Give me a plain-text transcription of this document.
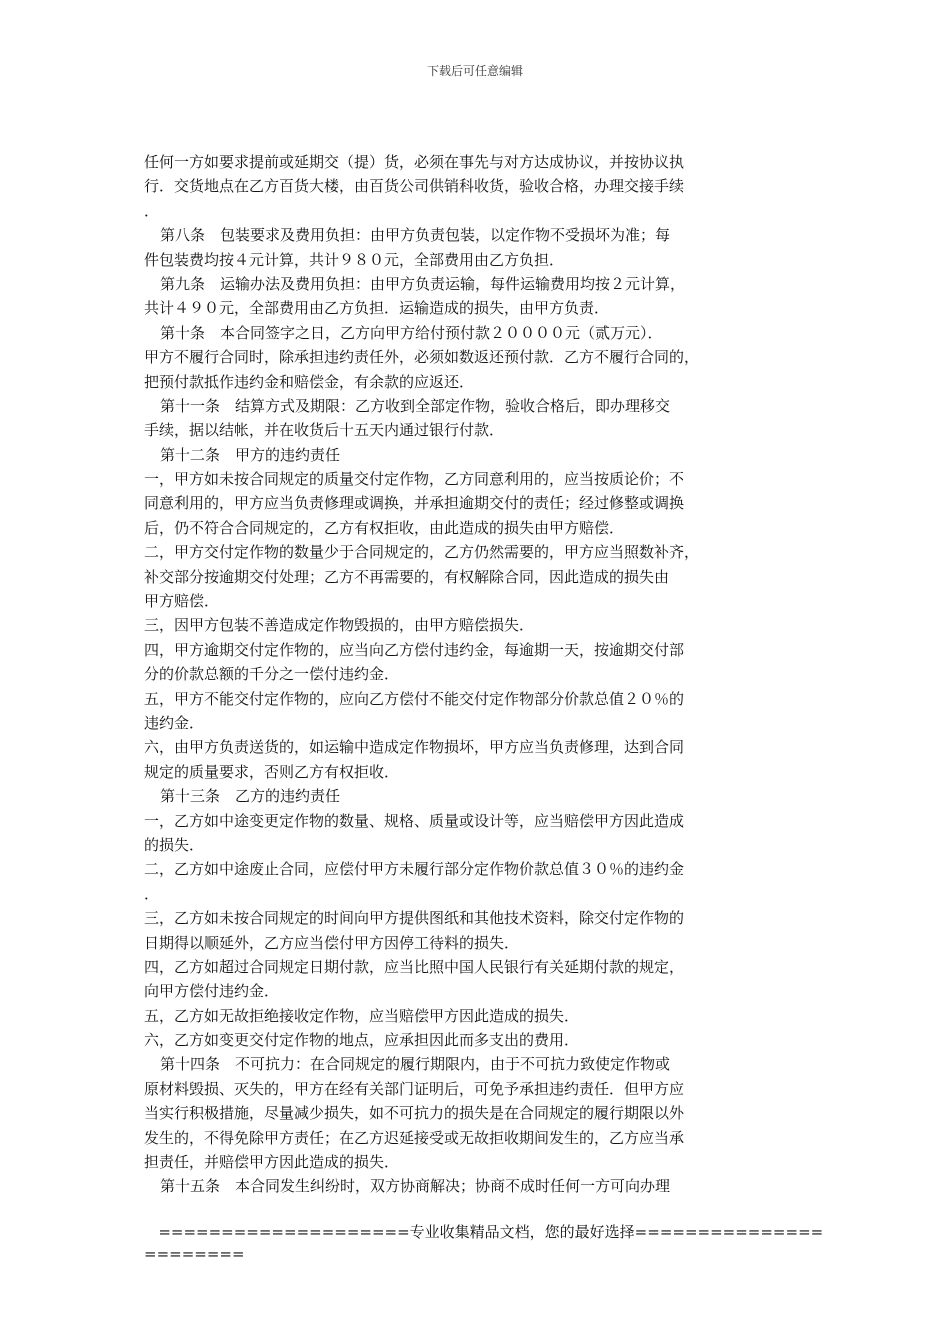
下载后可任意编辑
任何一方如要求提前或延期交（提）货，必须在事先与对方达成协议，并按协议执
行．交货地点在乙方百货大楼，由百货公司供销科收货，验收合格，办理交接手续
．
第八条　包装要求及费用负担：由甲方负责包装，以定作物不受损坏为准；每
件包装费均按４元计算，共计９８０元，全部费用由乙方负担．
第九条　运输办法及费用负担：由甲方负责运输，每件运输费用均按２元计算，
共计４９０元，全部费用由乙方负担．运输造成的损失，由甲方负责．
第十条　本合同签字之日，乙方向甲方给付预付款２００００元（贰万元）．
甲方不履行合同时，除承担违约责任外，必须如数返还预付款．乙方不履行合同的，
把预付款抵作违约金和赔偿金，有余款的应返还．
第十一条　结算方式及期限：乙方收到全部定作物，验收合格后，即办理移交
手续，据以结帐，并在收货后十五天内通过银行付款．
第十二条　甲方的违约责任
一，甲方如未按合同规定的质量交付定作物，乙方同意利用的，应当按质论价；不
同意利用的，甲方应当负责修理或调换，并承担逾期交付的责任；经过修整或调换
后，仍不符合合同规定的，乙方有权拒收，由此造成的损失由甲方赔偿．
二，甲方交付定作物的数量少于合同规定的，乙方仍然需要的，甲方应当照数补齐，
补交部分按逾期交付处理；乙方不再需要的，有权解除合同，因此造成的损失由
甲方赔偿．
三，因甲方包装不善造成定作物毁损的，由甲方赔偿损失．
四，甲方逾期交付定作物的，应当向乙方偿付违约金，每逾期一天，按逾期交付部
分的价款总额的千分之一偿付违约金．
五，甲方不能交付定作物的，应向乙方偿付不能交付定作物部分价款总值２０％的
违约金．
六，由甲方负责送货的，如运输中造成定作物损坏，甲方应当负责修理，达到合同
规定的质量要求，否则乙方有权拒收．
第十三条　乙方的违约责任
一，乙方如中途变更定作物的数量、规格、质量或设计等，应当赔偿甲方因此造成
的损失．
二，乙方如中途废止合同，应偿付甲方未履行部分定作物价款总值３０％的违约金
．
三，乙方如未按合同规定的时间向甲方提供图纸和其他技术资料，除交付定作物的
日期得以顺延外，乙方应当偿付甲方因停工待料的损失．
四，乙方如超过合同规定日期付款，应当比照中国人民银行有关延期付款的规定，
向甲方偿付违约金．
五，乙方如无故拒绝接收定作物，应当赔偿甲方因此造成的损失．
六，乙方如变更交付定作物的地点，应承担因此而多支出的费用．
第十四条　不可抗力：在合同规定的履行期限内，由于不可抗力致使定作物或
原材料毁损、灭失的，甲方在经有关部门证明后，可免予承担违约责任．但甲方应
当实行积极措施，尽量减少损失，如不可抗力的损失是在合同规定的履行期限以外
发生的，不得免除甲方责任；在乙方迟延接受或无故拒收期间发生的，乙方应当承
担责任，并赔偿甲方因此造成的损失．
第十五条　本合同发生纠纷时，双方协商解决；协商不成时任何一方可向办理
====================专业收集精品文档，您的最好选择=======================
